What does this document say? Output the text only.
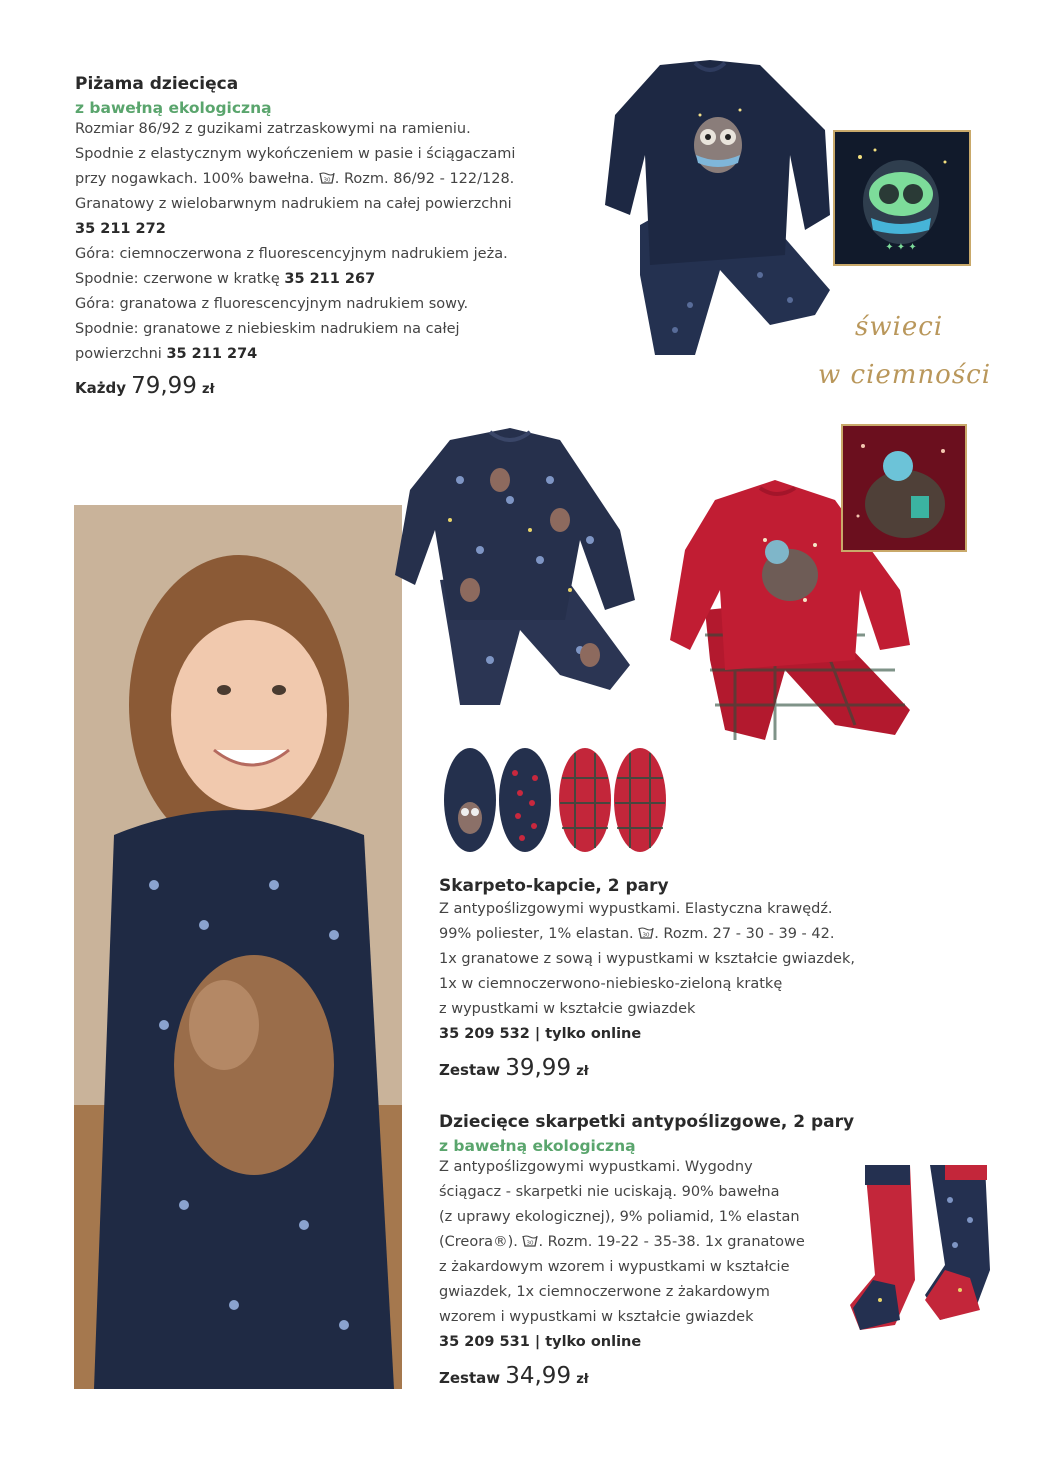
Piżama dziecięca
z bawełną ekologiczną
Rozmiar 86/92 z guzikami zatrzaskowymi na ramieniu.
Spodnie z elastycznym wykończeniem w pasie i ściągaczami
przy nogawkach. 100% bawełna. 30 . Rozm. 86/92 - 122/128.
Granatowy z wielobarwnym nadrukiem na całej powierzchni
35 211 272
Góra: ciemnoczerwona z fluorescencyjnym nadrukiem jeża.
Spodnie: czerwone w kratkę 35 211 267
Góra: granatowa z fluorescencyjnym nadrukiem sowy.
Spodnie: granatowe z niebieskim nadrukiem na całej
powierzchni 35 211 274
Każdy 79,99 zł
✦ ✦ ✦
świeci
w ciemności
Skarpeto-kapcie, 2 pary
Z antypoślizgowymi wypustkami. Elastyczna krawędź.
99% poliester, 1% elastan. 30 . Rozm. 27 - 30 - 39 - 42.
1x granatowe z sową i wypustkami w kształcie gwiazdek,
1x w ciemnoczerwono-niebiesko-zieloną kratkę
z wypustkami w kształcie gwiazdek
35 209 532 | tylko online
Zestaw 39,99 zł
Dziecięce skarpetki antypoślizgowe, 2 pary
z bawełną ekologiczną
Z antypoślizgowymi wypustkami. Wygodny
ściągacz - skarpetki nie uciskają. 90% bawełna
(z uprawy ekologicznej), 9% poliamid, 1% elastan
(Creora®). 30 . Rozm. 19-22 - 35-38. 1x granatowe
z żakardowym wzorem i wypustkami w kształcie
gwiazdek, 1x ciemnoczerwone z żakardowym
wzorem i wypustkami w kształcie gwiazdek
35 209 531 | tylko online
Zestaw 34,99 zł
